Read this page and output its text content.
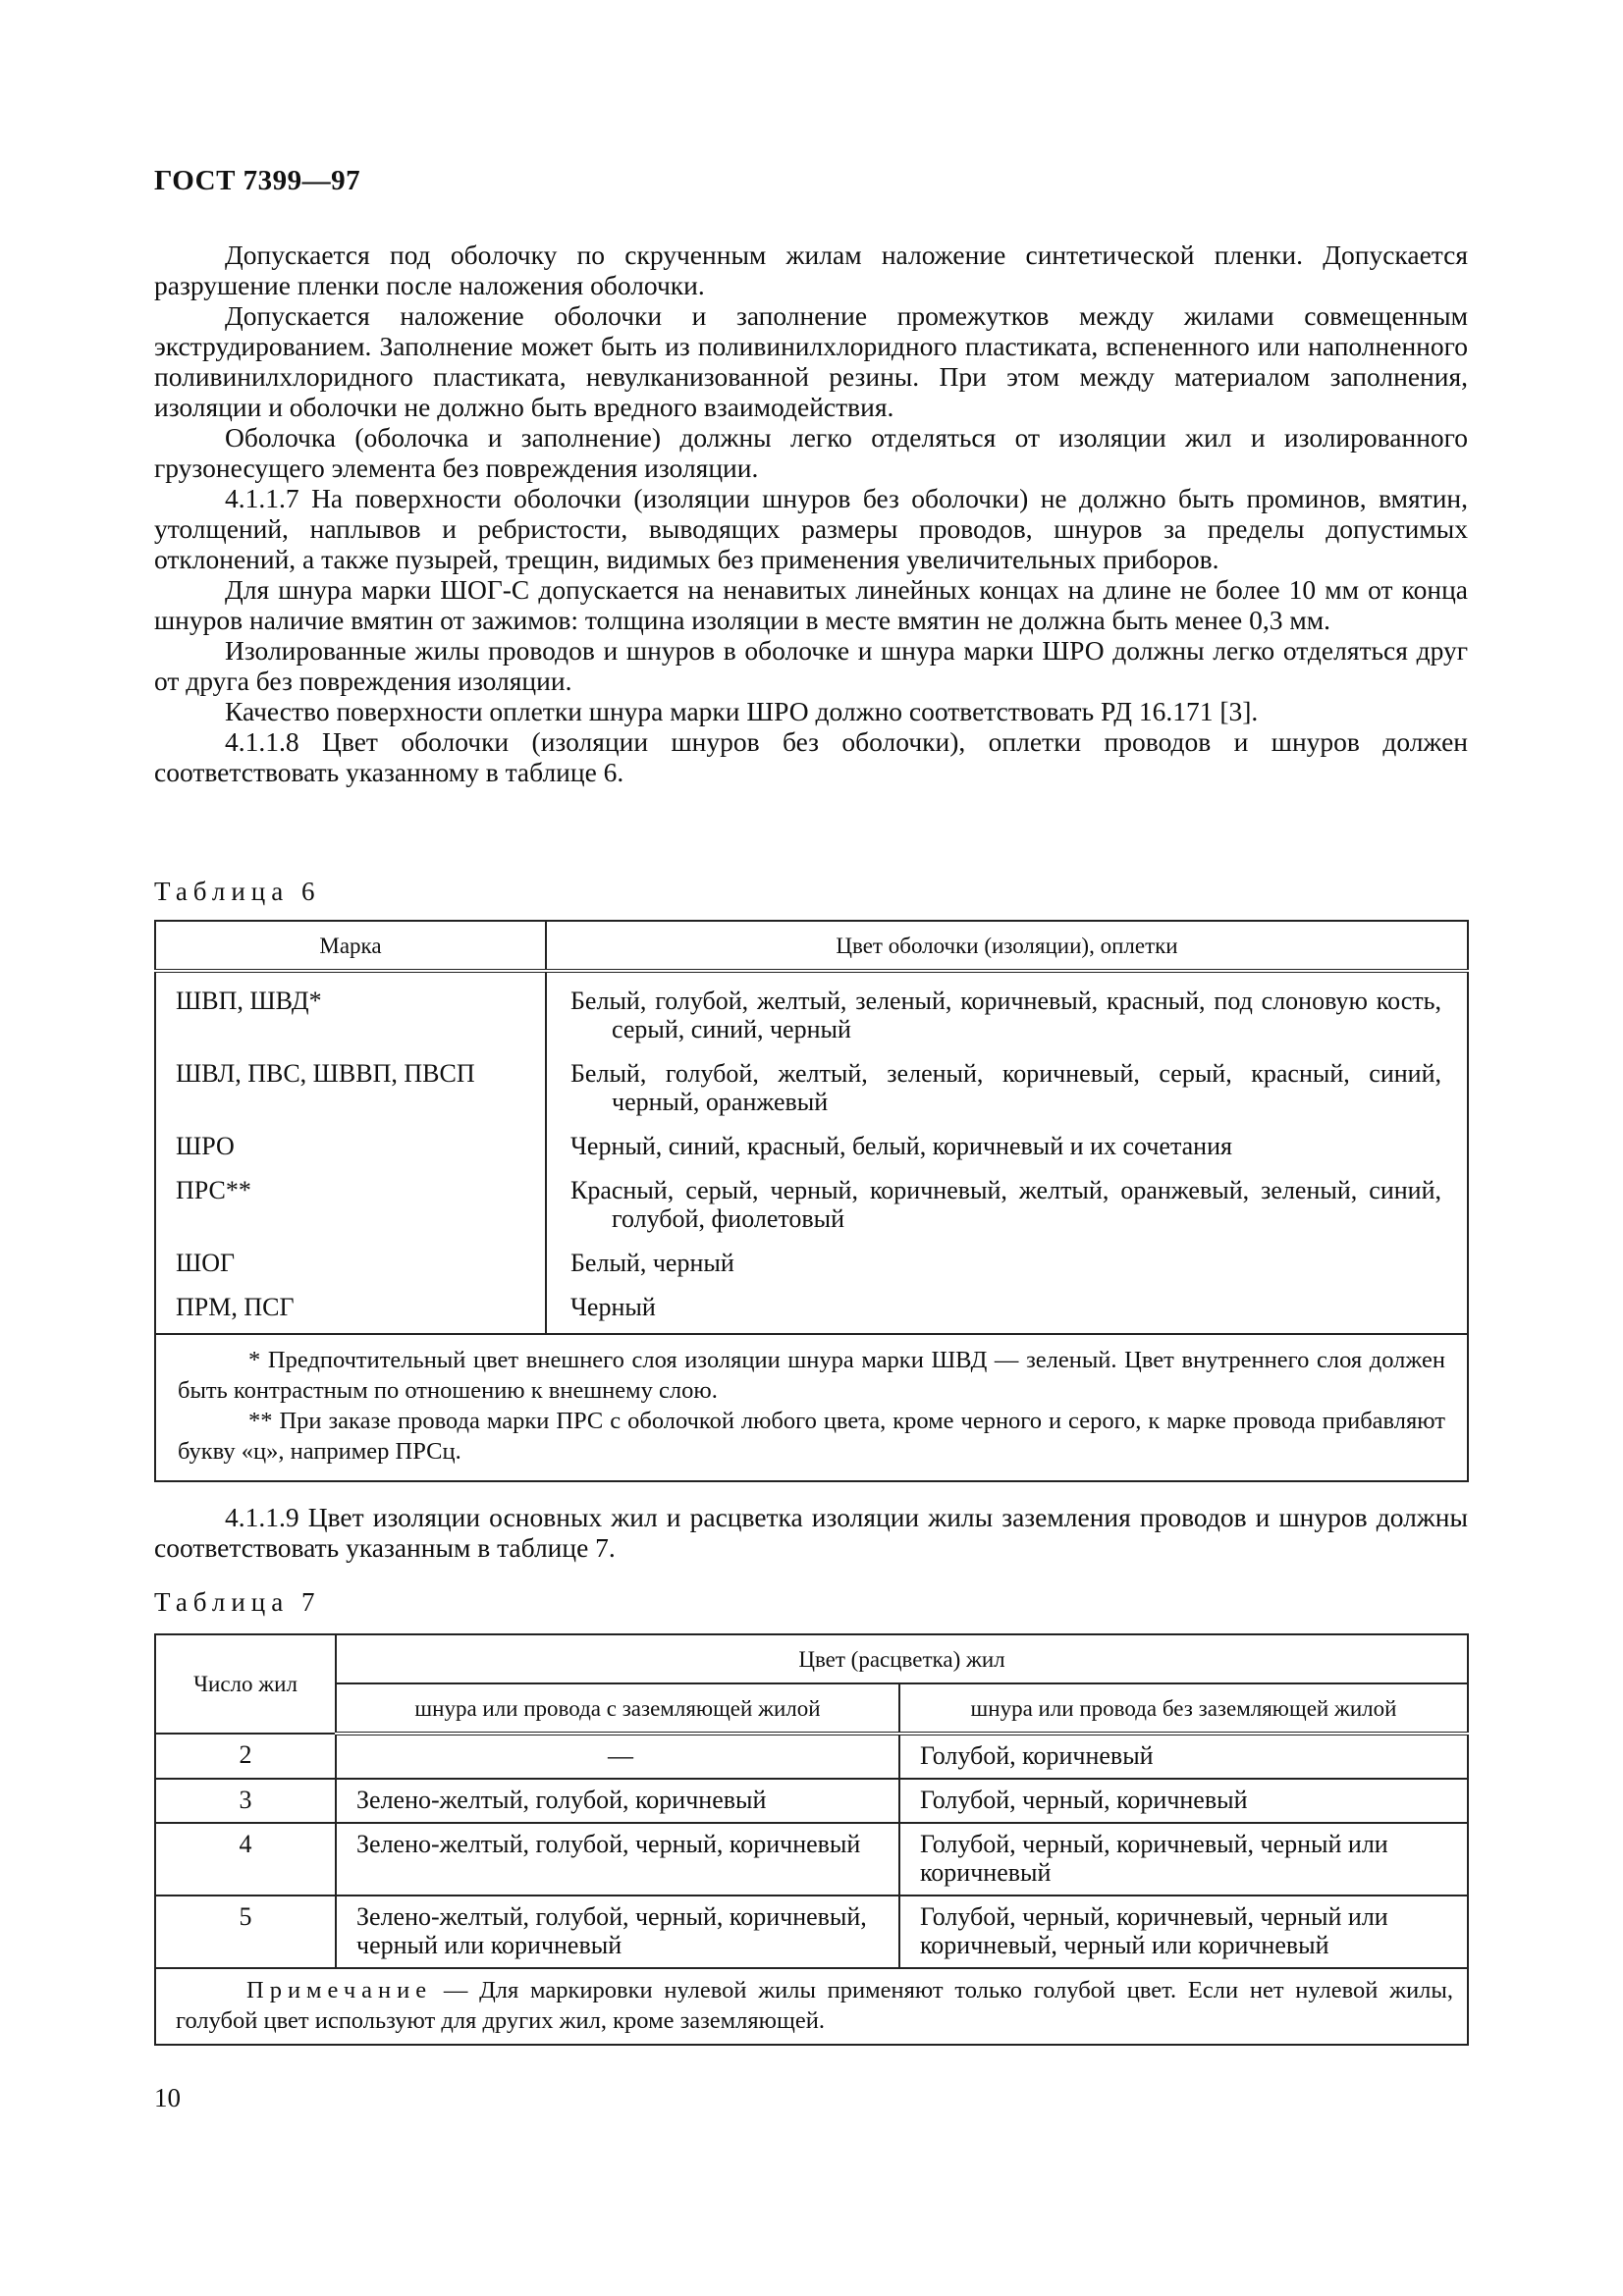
ГОСТ 7399—97

Допускается под оболочку по скрученным жилам наложение синтетической пленки. Допускается разрушение пленки после наложения оболочки.

Допускается наложение оболочки и заполнение промежутков между жилами совмещенным экструдированием. Заполнение может быть из поливинилхлоридного пластиката, вспененного или наполненного поливинилхлоридного пластиката, невулканизованной резины. При этом между материалом заполнения, изоляции и оболочки не должно быть вредного взаимодействия.

Оболочка (оболочка и заполнение) должны легко отделяться от изоляции жил и изолированного грузонесущего элемента без повреждения изоляции.

4.1.1.7 На поверхности оболочки (изоляции шнуров без оболочки) не должно быть проминов, вмятин, утолщений, наплывов и ребристости, выводящих размеры проводов, шнуров за пределы допустимых отклонений, а также пузырей, трещин, видимых без применения увеличительных приборов.

Для шнура марки ШОГ-С допускается на ненавитых линейных концах на длине не более 10 мм от конца шнуров наличие вмятин от зажимов: толщина изоляции в месте вмятин не должна быть менее 0,3 мм.

Изолированные жилы проводов и шнуров в оболочке и шнура марки ШРО должны легко отделяться друг от друга без повреждения изоляции.

Качество поверхности оплетки шнура марки ШРО должно соответствовать РД 16.171 [3].

4.1.1.8 Цвет оболочки (изоляции шнуров без оболочки), оплетки проводов и шнуров должен соответствовать указанному в таблице 6.

Таблица 6
Марка	Цвет оболочки (изоляции), оплетки
ШВП, ШВД*	Белый, голубой, желтый, зеленый, коричневый, красный, под слоновую кость, серый, синий, черный
ШВЛ, ПВС, ШВВП, ПВСП	Белый, голубой, желтый, зеленый, коричневый, серый, красный, синий, черный, оранжевый
ШРО	Черный, синий, красный, белый, коричневый и их сочетания
ПРС**	Красный, серый, черный, коричневый, желтый, оранжевый, зеленый, синий, голубой, фиолетовый
ШОГ	Белый, черный
ПРМ, ПСГ	Черный

* Предпочтительный цвет внешнего слоя изоляции шнура марки ШВД — зеленый. Цвет внутреннего слоя должен быть контрастным по отношению к внешнему слою.

** При заказе провода марки ПРС с оболочкой любого цвета, кроме черного и серого, к марке провода прибавляют букву «ц», например ПРСц.	

4.1.1.9 Цвет изоляции основных жил и расцветка изоляции жилы заземления проводов и шнуров должны соответствовать указанным в таблице 7.

Таблица 7
Число жил	Цвет (расцветка) жил	
	шнура или провода с заземляющей жилой	шнура или провода без заземляющей жилой
2	—	Голубой, коричневый
3	Зелено-желтый, голубой, коричневый	Голубой, черный, коричневый
4	Зелено-желтый, голубой, черный, коричневый	Голубой, черный, коричневый, черный или коричневый
5	Зелено-желтый, голубой, черный, коричневый, черный или коричневый	Голубой, черный, коричневый, черный или коричневый, черный или коричневый

Примечание — Для маркировки нулевой жилы применяют только голубой цвет. Если нет нулевой жилы, голубой цвет используют для других жил, кроме заземляющей.		

10
